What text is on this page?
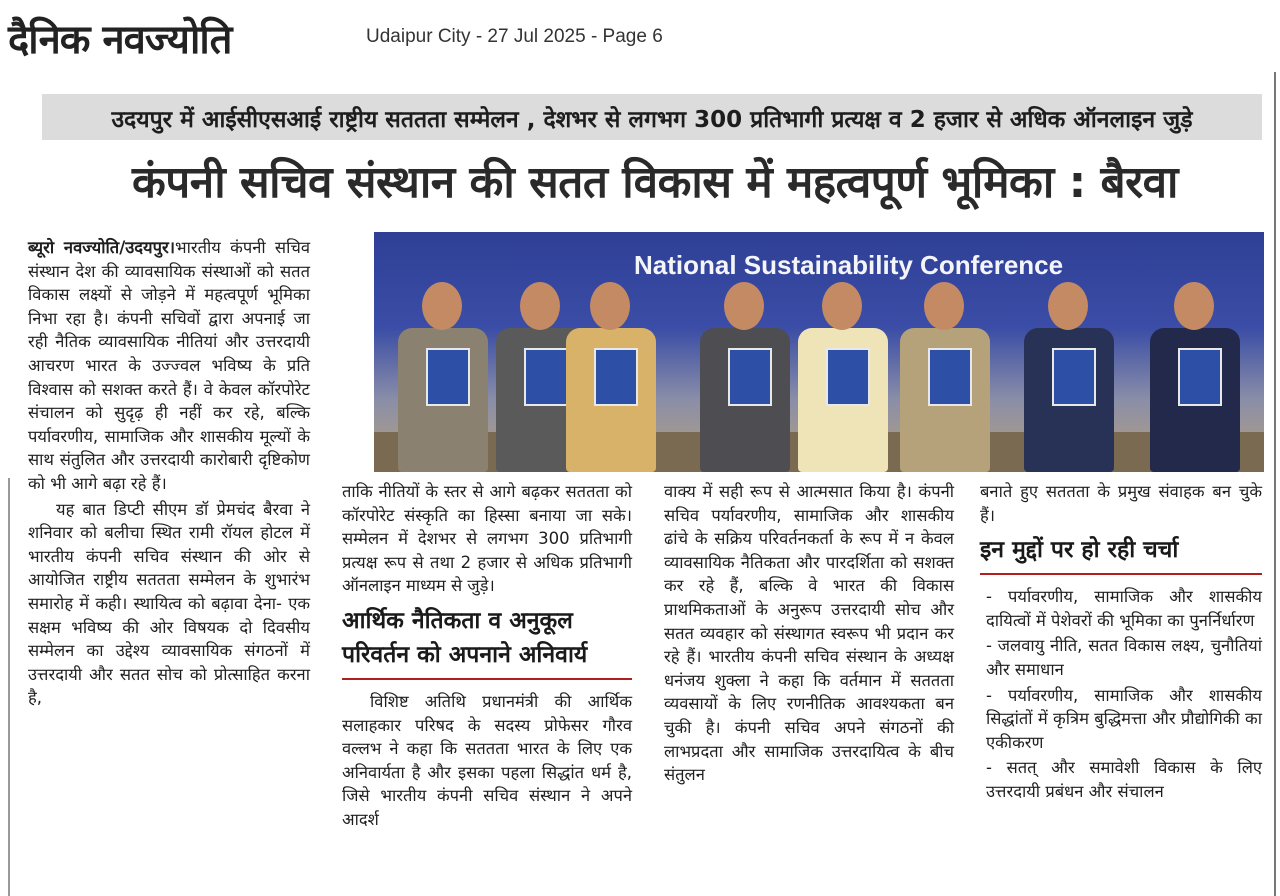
दैनिक नवज्योति	Udaipur City - 27 Jul 2025 - Page 6
उदयपुर में आईसीएसआई राष्ट्रीय सततता सम्मेलन , देशभर से लगभग 300 प्रतिभागी प्रत्यक्ष व 2 हजार से अधिक ऑनलाइन जुड़े
कंपनी सचिव संस्थान की सतत विकास में महत्वपूर्ण भूमिका : बैरवा
National Sustainability Conference

ब्यूरो नवज्योति/उदयपुर।भारतीय कंपनी सचिव संस्थान देश की व्यावसायिक संस्थाओं को सतत विकास लक्ष्यों से जोड़ने में महत्वपूर्ण भूमिका निभा रहा है। कंपनी सचिवों द्वारा अपनाई जा रही नैतिक व्यावसायिक नीतियां और उत्तरदायी आचरण भारत के उज्ज्वल भविष्य के प्रति विश्वास को सशक्त करते हैं। वे केवल कॉरपोरेट संचालन को सुदृढ़ ही नहीं कर रहे, बल्कि पर्यावरणीय, सामाजिक और शासकीय मूल्यों के साथ संतुलित और उत्तरदायी कारोबारी दृष्टिकोण को भी आगे बढ़ा रहे हैं।

यह बात डिप्टी सीएम डॉ प्रेमचंद बैरवा ने शनिवार को बलीचा स्थित रामी रॉयल होटल में भारतीय कंपनी सचिव संस्थान की ओर से आयोजित राष्ट्रीय सततता सम्मेलन के शुभारंभ समारोह में कही। स्थायित्व को बढ़ावा देना- एक सक्षम भविष्य की ओर विषयक दो दिवसीय सम्मेलन का उद्देश्य व्यावसायिक संगठनों में उत्तरदायी और सतत सोच को प्रोत्साहित करना है,

ताकि नीतियों के स्तर से आगे बढ़कर सततता को कॉरपोरेट संस्कृति का हिस्सा बनाया जा सके। सम्मेलन में देशभर से लगभग 300 प्रतिभागी प्रत्यक्ष रूप से तथा 2 हजार से अधिक प्रतिभागी ऑनलाइन माध्यम से जुड़े।

आर्थिक नैतिकता व अनुकूल परिवर्तन को अपनाने अनिवार्य

विशिष्ट अतिथि प्रधानमंत्री की आर्थिक सलाहकार परिषद के सदस्य प्रोफेसर गौरव वल्लभ ने कहा कि सततता भारत के लिए एक अनिवार्यता है और इसका पहला सिद्धांत धर्म है, जिसे भारतीय कंपनी सचिव संस्थान ने अपने आदर्श

वाक्य में सही रूप से आत्मसात किया है। कंपनी सचिव पर्यावरणीय, सामाजिक और शासकीय ढांचे के सक्रिय परिवर्तनकर्ता के रूप में न केवल व्यावसायिक नैतिकता और पारदर्शिता को सशक्त कर रहे हैं, बल्कि वे भारत की विकास प्राथमिकताओं के अनुरूप उत्तरदायी सोच और सतत व्यवहार को संस्थागत स्वरूप भी प्रदान कर रहे हैं। भारतीय कंपनी सचिव संस्थान के अध्यक्ष धनंजय शुक्ला ने कहा कि वर्तमान में सततता व्यवसायों के लिए रणनीतिक आवश्यकता बन चुकी है। कंपनी सचिव अपने संगठनों की लाभप्रदता और सामाजिक उत्तरदायित्व के बीच संतुलन

बनाते हुए सततता के प्रमुख संवाहक बन चुके हैं।

इन मुद्दों पर हो रही चर्चा

- पर्यावरणीय, सामाजिक और शासकीय दायित्वों में पेशेवरों की भूमिका का पुनर्निर्धारण

- जलवायु नीति, सतत विकास लक्ष्य, चुनौतियां और समाधान

- पर्यावरणीय, सामाजिक और शासकीय सिद्धांतों में कृत्रिम बुद्धिमत्ता और प्रौद्योगिकी का एकीकरण

- सतत् और समावेशी विकास के लिए उत्तरदायी प्रबंधन और संचालन
